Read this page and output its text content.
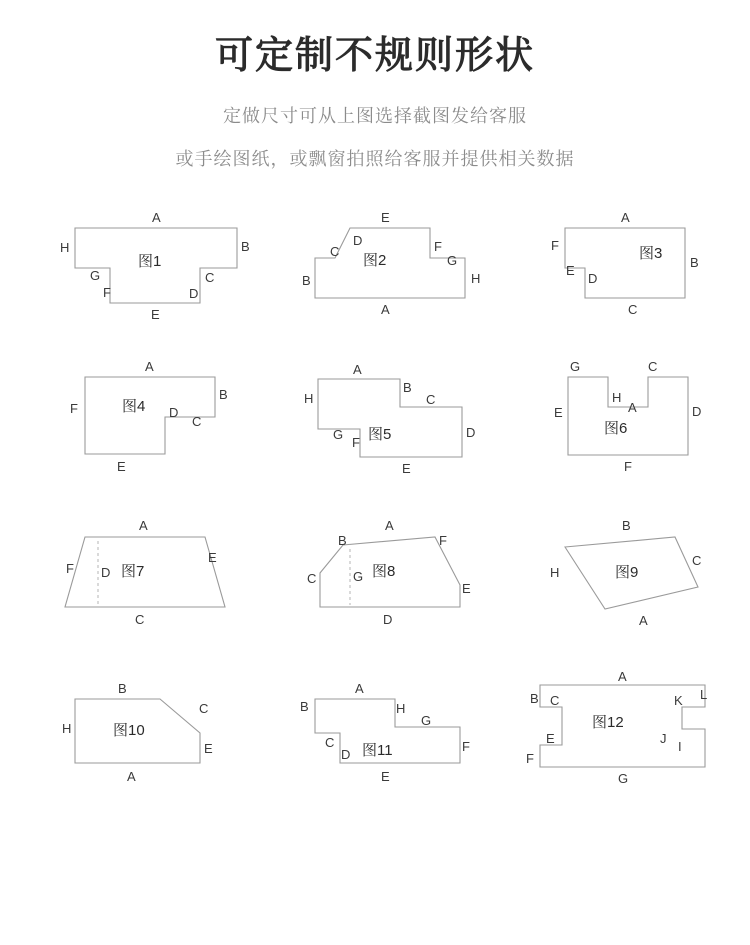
可定制不规则形状
定做尺寸可从上图选择截图发给客服
或手绘图纸，或飘窗拍照给客服并提供相关数据
A
B
C
D
E
F
G
H
图1
E
D
C
B
A
F
G
H
图2
A
B
C
D
E
F	图3
A
B
C
D
E
F	图4
A
B
C
D
E
F
G
H
图5
G	C
H
A	D
F
E
图6
A
E
C
D
F	图7
A
B
C
D
E
F
G 图8
B
C
A
H	图9
B
C
E
A
H	图10
A
B
C
D
E
F
G
H
图11
A
B C
E
F
G
I
J
K L
图12
